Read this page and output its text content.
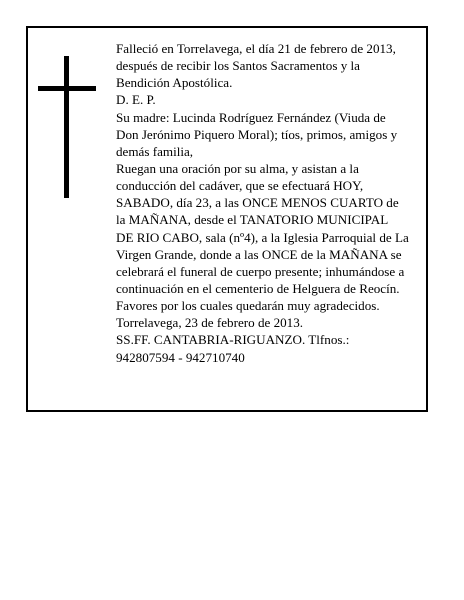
Falleció en Torrelavega, el día 21 de febrero de 2013,
después de recibir los Santos Sacramentos y la
Bendición Apostólica.
D. E. P.
Su madre: Lucinda Rodríguez Fernández (Viuda de
Don Jerónimo Piquero Moral); tíos, primos, amigos y
demás familia,
Ruegan una oración por su alma, y asistan a la
conducción del cadáver, que se efectuará HOY,
SABADO, día 23, a las ONCE MENOS CUARTO de
la MAÑANA, desde el TANATORIO MUNICIPAL
DE RIO CABO, sala (nº4), a la Iglesia Parroquial de La
Virgen Grande, donde a las ONCE de la MAÑANA se
celebrará el funeral de cuerpo presente; inhumándose a
continuación en el cementerio de Helguera de Reocín.
Favores por los cuales quedarán muy agradecidos.
Torrelavega, 23 de febrero de 2013.
SS.FF. CANTABRIA-RIGUANZO. Tlfnos.:
942807594 - 942710740
